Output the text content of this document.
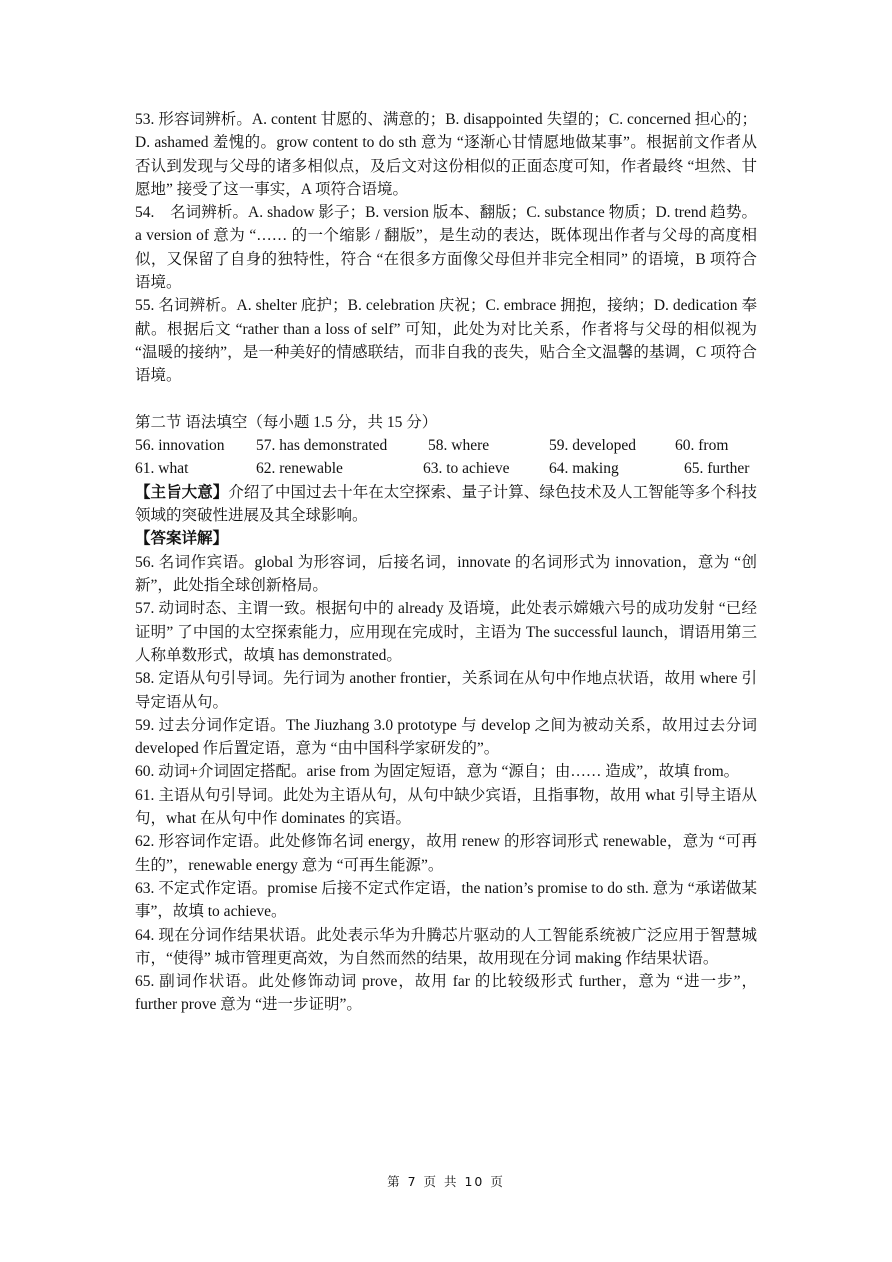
53. 形容词辨析。A. content 甘愿的、满意的；B. disappointed 失望的；C. concerned 担心的；D. ashamed 羞愧的。grow content to do sth 意为 “逐渐心甘情愿地做某事”。根据前文作者从否认到发现与父母的诸多相似点，及后文对这份相似的正面态度可知，作者最终 “坦然、甘愿地” 接受了这一事实，A 项符合语境。

54.　名词辨析。A. shadow 影子；B. version 版本、翻版；C. substance 物质；D. trend 趋势。a version of 意为 “…… 的一个缩影 / 翻版”，是生动的表达，既体现出作者与父母的高度相似，又保留了自身的独特性，符合 “在很多方面像父母但并非完全相同” 的语境，B 项符合语境。

55. 名词辨析。A. shelter 庇护；B. celebration 庆祝；C. embrace 拥抱，接纳；D. dedication 奉献。根据后文 “rather than a loss of self” 可知，此处为对比关系，作者将与父母的相似视为 “温暖的接纳”，是一种美好的情感联结，而非自我的丧失，贴合全文温馨的基调，C 项符合语境。

第二节 语法填空（每小题 1.5 分，共 15 分）

56. innovation	57. has demonstrated	58. where	59. developed	60. from
61. what	62. renewable	63. to achieve	64. making	65. further

【主旨大意】介绍了中国过去十年在太空探索、量子计算、绿色技术及人工智能等多个科技领域的突破性进展及其全球影响。

【答案详解】

56. 名词作宾语。global 为形容词，后接名词，innovate 的名词形式为 innovation，意为 “创新”，此处指全球创新格局。

57. 动词时态、主谓一致。根据句中的 already 及语境，此处表示嫦娥六号的成功发射 “已经证明” 了中国的太空探索能力，应用现在完成时，主语为 The successful launch，谓语用第三人称单数形式，故填 has demonstrated。

58. 定语从句引导词。先行词为 another frontier，关系词在从句中作地点状语，故用 where 引导定语从句。

59. 过去分词作定语。The Jiuzhang 3.0 prototype 与 develop 之间为被动关系，故用过去分词 developed 作后置定语，意为 “由中国科学家研发的”。

60. 动词+介词固定搭配。arise from 为固定短语，意为 “源自；由…… 造成”，故填 from。

61. 主语从句引导词。此处为主语从句，从句中缺少宾语，且指事物，故用 what 引导主语从句，what 在从句中作 dominates 的宾语。

62. 形容词作定语。此处修饰名词 energy，故用 renew 的形容词形式 renewable，意为 “可再生的”，renewable energy 意为 “可再生能源”。

63. 不定式作定语。promise 后接不定式作定语，the nation’s promise to do sth. 意为 “承诺做某事”，故填 to achieve。

64. 现在分词作结果状语。此处表示华为升腾芯片驱动的人工智能系统被广泛应用于智慧城市，“使得” 城市管理更高效，为自然而然的结果，故用现在分词 making 作结果状语。

65. 副词作状语。此处修饰动词 prove，故用 far 的比较级形式 further，意为 “进一步”，further prove 意为 “进一步证明”。

第 7 页 共 10 页
